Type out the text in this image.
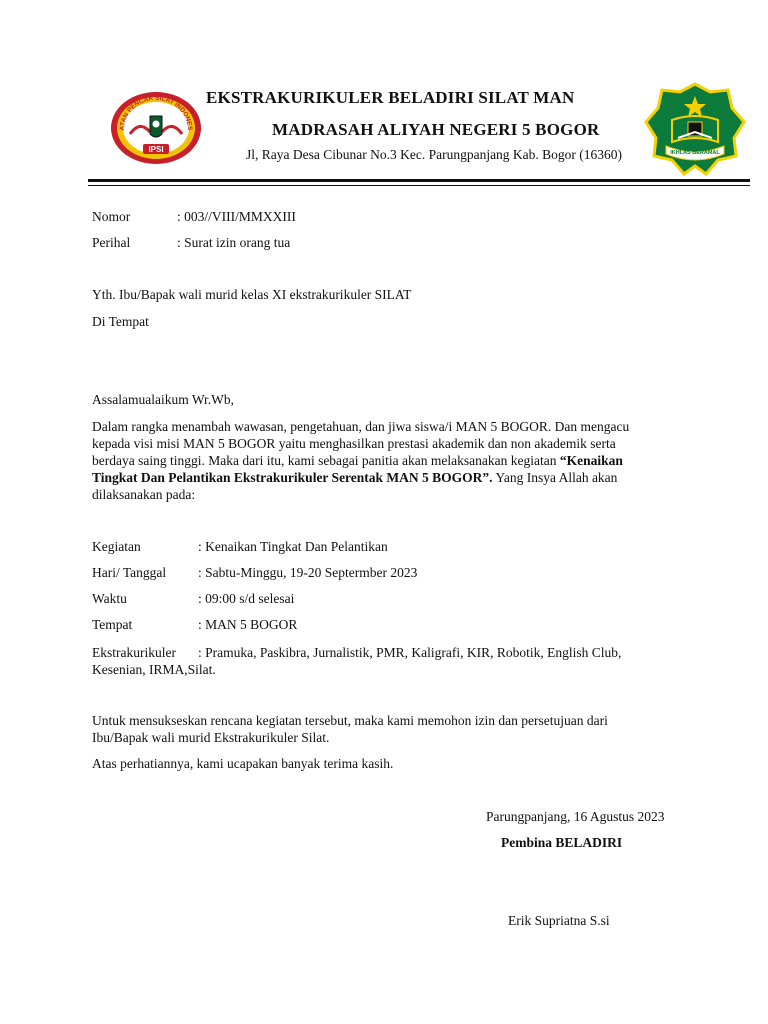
ATAN PENCAK SILAT INDONES
IPSI	IKHLAS BERAMAL
EKSTRAKURIKULER BELADIRI SILAT MAN
MADRASAH ALIYAH NEGERI 5 BOGOR
Jl, Raya Desa Cibunar No.3 Kec. Parungpanjang Kab. Bogor (16360)
Nomor	: 003//VIII/MMXXIII
Perihal	: Surat izin orang tua
Yth. Ibu/Bapak wali murid kelas XI ekstrakurikuler SILAT
Di Tempat
Assalamualaikum Wr.Wb,
Dalam rangka menambah wawasan, pengetahuan, dan jiwa siswa/i MAN 5 BOGOR. Dan mengacu
kepada visi misi MAN 5 BOGOR yaitu menghasilkan prestasi akademik dan non akademik serta
berdaya saing tinggi. Maka dari itu, kami sebagai panitia akan melaksanakan kegiatan “Kenaikan
Tingkat Dan Pelantikan Ekstrakurikuler Serentak MAN 5 BOGOR”. Yang Insya Allah akan
dilaksanakan pada:
Kegiatan	: Kenaikan Tingkat Dan Pelantikan
Hari/ Tanggal : Sabtu-Minggu, 19-20 Septermber 2023
Waktu	: 09:00 s/d selesai
Tempat	: MAN 5 BOGOR
Ekstrakurikuler : Pramuka, Paskibra, Jurnalistik, PMR, Kaligrafi, KIR, Robotik, English Club,
Kesenian, IRMA,Silat.
Untuk mensukseskan rencana kegiatan tersebut, maka kami memohon izin dan persetujuan dari
Ibu/Bapak wali murid Ekstrakurikuler Silat.
Atas perhatiannya, kami ucapakan banyak terima kasih.
Parungpanjang, 16 Agustus 2023
Pembina BELADIRI
Erik Supriatna S.si
